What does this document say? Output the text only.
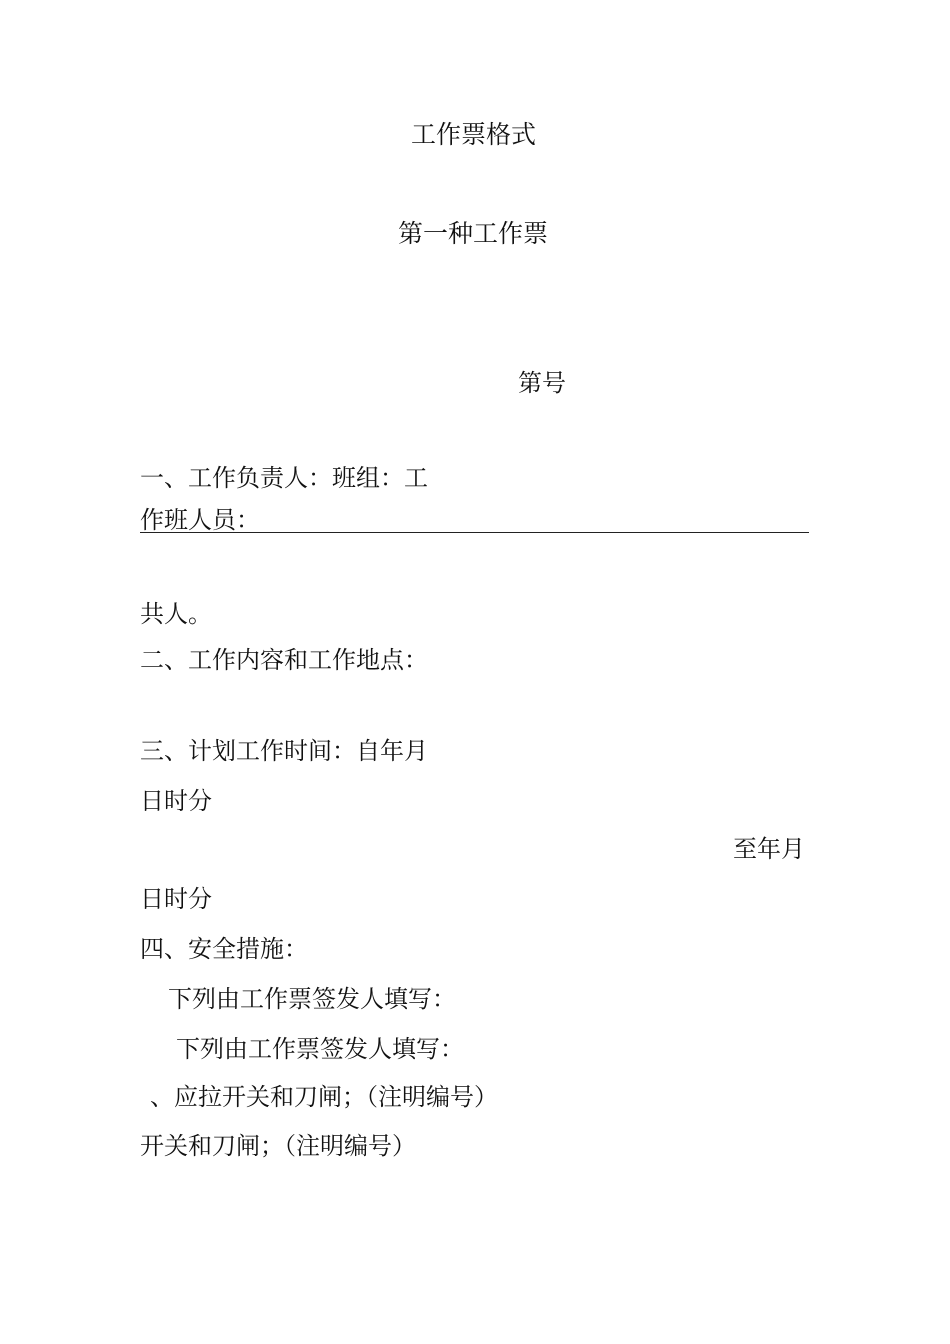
工作票格式
第一种工作票
第号
一、工作负责人：班组：工
作班人员：
共人。
二、工作内容和工作地点：
三、计划工作时间：自年月
日时分
至年月
日时分
四、安全措施：
下列由工作票签发人填写：
下列由工作票签发人填写：
、应拉开关和刀闸；（注明编号）
开关和刀闸；（注明编号）
